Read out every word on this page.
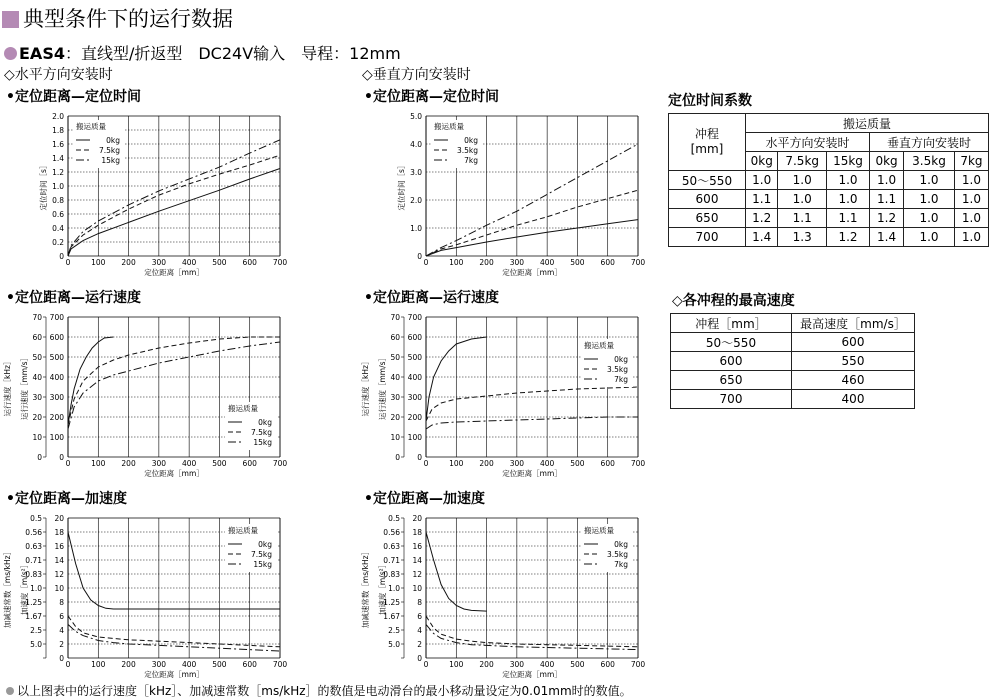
典型条件下的运行数据
EAS4：直线型/折返型　DC24V输入　导程：12mm
◇水平方向安装时	◇垂直方向安装时
•定位距离—定位时间	•定位距离—定位时间
•定位距离—运行速度	•定位距离—运行速度
•定位距离—加速度	•定位距离—加速度
0	100 200 300 400 500 600 700
0
0.2
0.4
0.6
0.8
1.0
1.2
1.4
1.6
1.8
2.0
定位距离［mm］
定位时间［s］
搬运质量
0kg
7.5kg
15kg
0	100 200 300 400 500 600 700
0
1.0
2.0
3.0
4.0
5.0
定位距离［mm］
定位时间［s］
搬运质量
0kg
3.5kg
7kg
0	100 200 300 400 500 600 700
0
0
100
10
200
20
300
30
400
40
500
50
600
60
700
70
定位距离［mm］
运行速度［mm/s］
运行速度［kHz］	搬运质量
0kg
7.5kg
15kg
0	100 200 300 400 500 600 700
0
0
100
10
200
20
300
30
400
40
500
50
600
60
700
70
定位距离［mm］
运行速度［mm/s］
运行速度［kHz］
搬运质量
0kg
3.5kg
7kg
0	100 200 300 400 500 600 700
0
2
5.0
4
2.5
6
1.67
8
1.25
10
1.0
12
0.83
14
0.71
16
0.63
18
0.56
20
0.5
定位距离［mm］
加速度［m/s²］
加减速常数［ms/kHz］
搬运质量
0kg
7.5kg
15kg
0	100 200 300 400 500 600 700
0
2
5.0
4
2.5
6
1.67
8
1.25
10
1.0
12
0.83
14
0.71
16
0.63
18
0.56
20
0.5
定位距离［mm］
加速度［m/s²］
加减速常数［ms/kHz］
搬运质量
0kg
3.5kg
7kg
定位时间系数
冲程
[mm]	搬运质量					
	水平方向安装时			垂直方向安装时		
	0kg	7.5kg	15kg	0kg	3.5kg	7kg
50～550	1.0	1.0	1.0	1.0	1.0	1.0
600	1.1	1.0	1.0	1.1	1.0	1.0
650	1.2	1.1	1.1	1.2	1.0	1.0
700	1.4	1.3	1.2	1.4	1.0	1.0
◇各冲程的最高速度
冲程［mm］	最高速度［mm/s］
50～550	600
600	550
650	460
700	400
以上图表中的运行速度［kHz］、加减速常数［ms/kHz］的数值是电动滑台的最小移动量设定为0.01mm时的数值。
